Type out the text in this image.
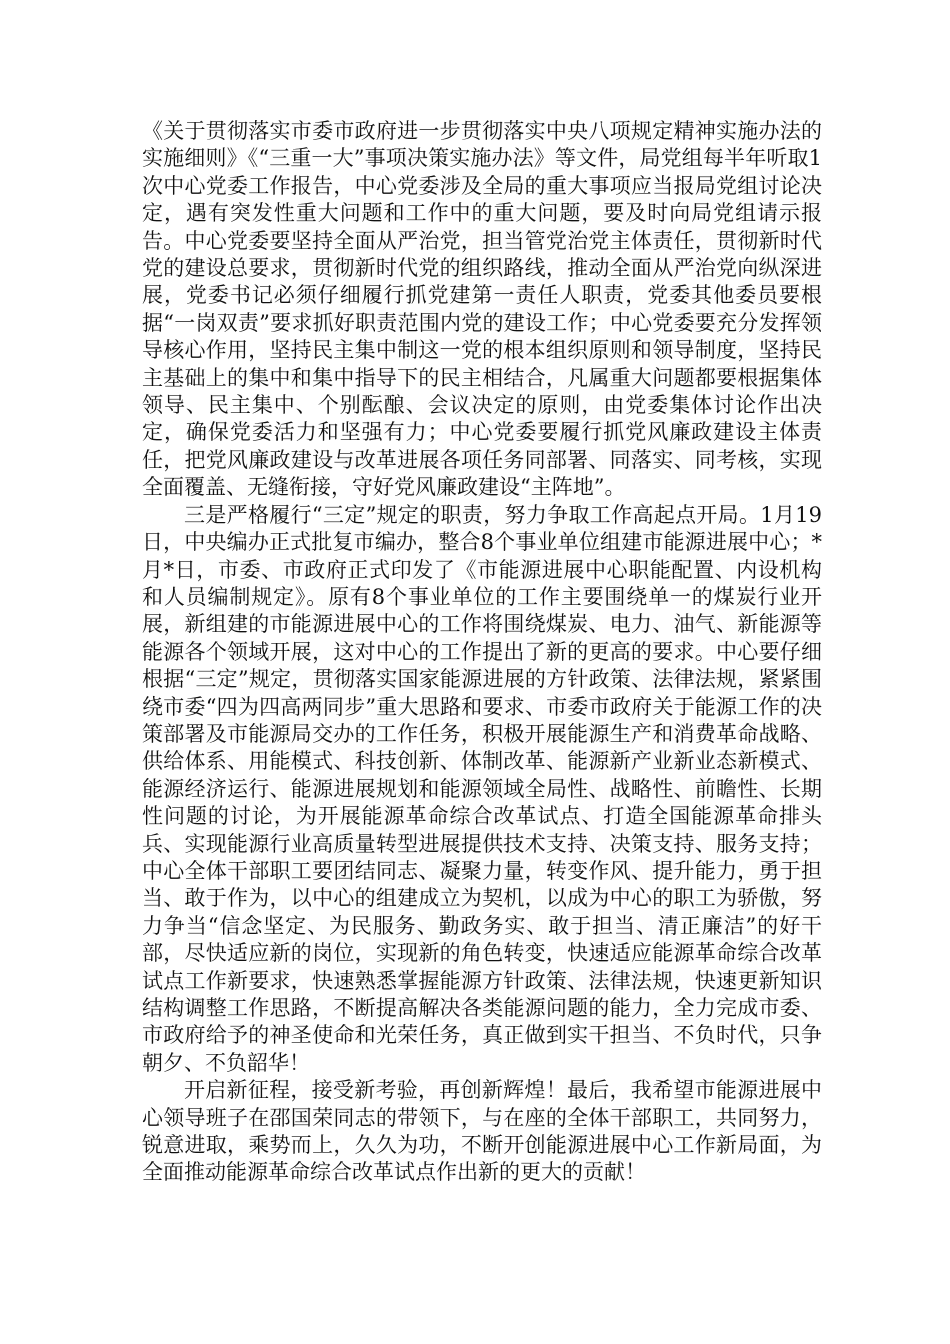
《关于贯彻落实市委市政府进一步贯彻落实中央八项规定精神实施办法的实施细则》《“三重一大”事项决策实施办法》等文件，局党组每半年听取1次中心党委工作报告，中心党委涉及全局的重大事项应当报局党组讨论决定，遇有突发性重大问题和工作中的重大问题，要及时向局党组请示报告。中心党委要坚持全面从严治党，担当管党治党主体责任，贯彻新时代党的建设总要求，贯彻新时代党的组织路线，推动全面从严治党向纵深进展，党委书记必须仔细履行抓党建第一责任人职责，党委其他委员要根据“一岗双责”要求抓好职责范围内党的建设工作；中心党委要充分发挥领导核心作用，坚持民主集中制这一党的根本组织原则和领导制度，坚持民主基础上的集中和集中指导下的民主相结合，凡属重大问题都要根据集体领导、民主集中、个别酝酿、会议决定的原则，由党委集体讨论作出决定，确保党委活力和坚强有力；中心党委要履行抓党风廉政建设主体责任，把党风廉政建设与改革进展各项任务同部署、同落实、同考核，实现全面覆盖、无缝衔接，守好党风廉政建设“主阵地”。

三是严格履行“三定”规定的职责，努力争取工作高起点开局。1月19日，中央编办正式批复市编办，整合8个事业单位组建市能源进展中心；*月*日，市委、市政府正式印发了《市能源进展中心职能配置、内设机构和人员编制规定》。原有8个事业单位的工作主要围绕单一的煤炭行业开展，新组建的市能源进展中心的工作将围绕煤炭、电力、油气、新能源等能源各个领域开展，这对中心的工作提出了新的更高的要求。中心要仔细根据“三定”规定，贯彻落实国家能源进展的方针政策、法律法规，紧紧围绕市委“四为四高两同步”重大思路和要求、市委市政府关于能源工作的决策部署及市能源局交办的工作任务，积极开展能源生产和消费革命战略、供给体系、用能模式、科技创新、体制改革、能源新产业新业态新模式、能源经济运行、能源进展规划和能源领域全局性、战略性、前瞻性、长期性问题的讨论，为开展能源革命综合改革试点、打造全国能源革命排头兵、实现能源行业高质量转型进展提供技术支持、决策支持、服务支持；中心全体干部职工要团结同志、凝聚力量，转变作风、提升能力，勇于担当、敢于作为，以中心的组建成立为契机，以成为中心的职工为骄傲，努力争当“信念坚定、为民服务、勤政务实、敢于担当、清正廉洁”的好干部，尽快适应新的岗位，实现新的角色转变，快速适应能源革命综合改革试点工作新要求，快速熟悉掌握能源方针政策、法律法规，快速更新知识结构调整工作思路，不断提高解决各类能源问题的能力，全力完成市委、市政府给予的神圣使命和光荣任务，真正做到实干担当、不负时代，只争朝夕、不负韶华！

开启新征程，接受新考验，再创新辉煌！最后，我希望市能源进展中心领导班子在邵国荣同志的带领下，与在座的全体干部职工，共同努力，锐意进取，乘势而上，久久为功，不断开创能源进展中心工作新局面，为全面推动能源革命综合改革试点作出新的更大的贡献！
